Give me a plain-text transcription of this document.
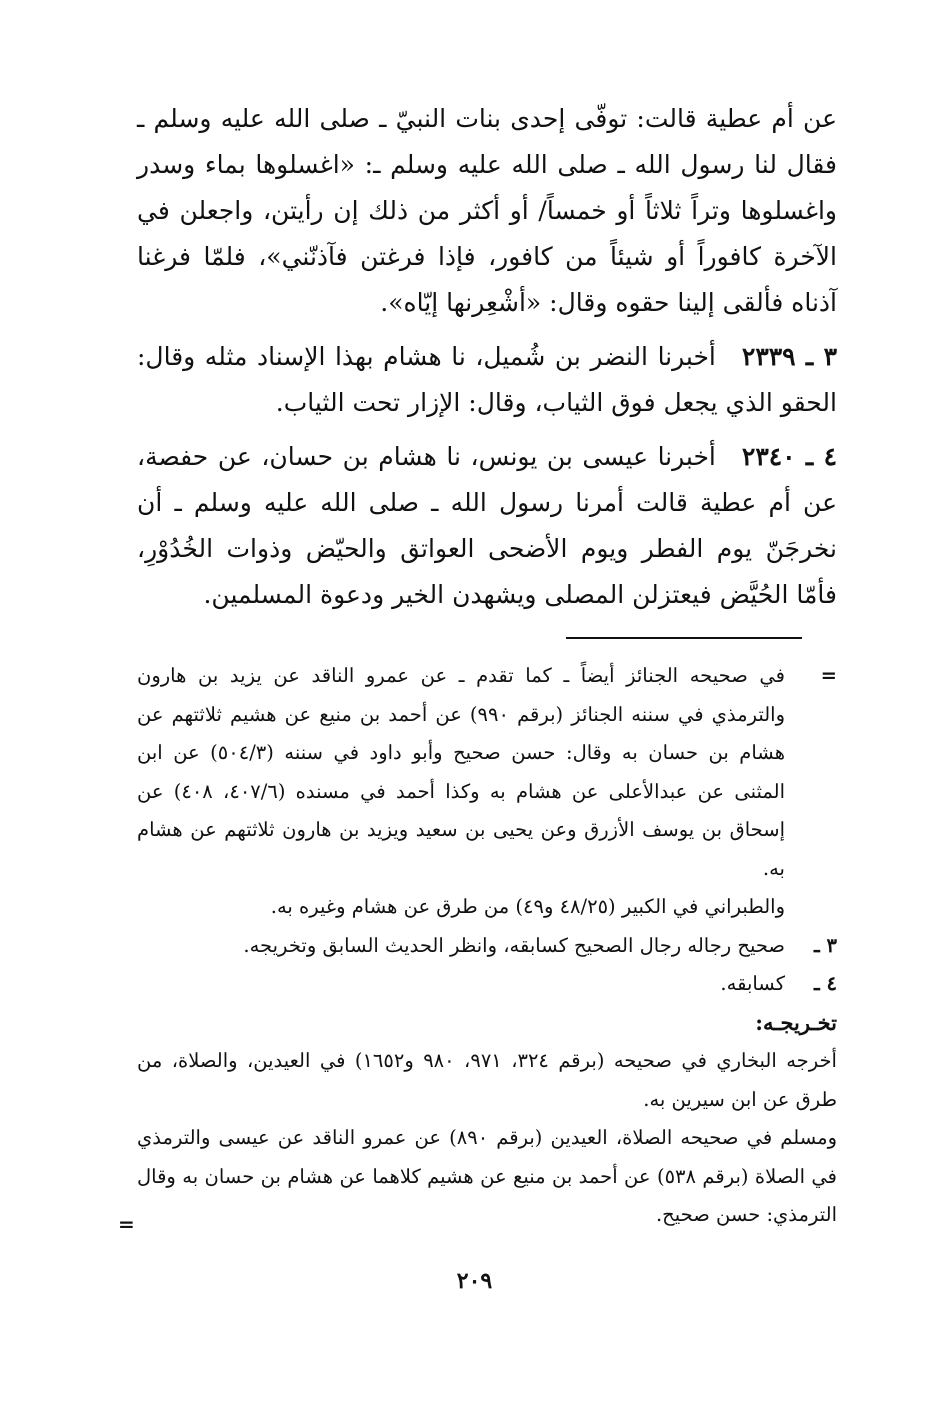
عن أم عطية قالت: توفّى إحدى بنات النبيّ ـ صلى الله عليه وسلم ـ فقال لنا رسول الله ـ صلى الله عليه وسلم ـ: «اغسلوها بماء وسدر واغسلوها وتراً ثلاثاً أو خمساً/ أو أكثر من ذلك إن رأيتن، واجعلن في الآخرة كافوراً أو شيئاً من كافور، فإذا فرغتن فآذنّني»، فلمّا فرغنا آذناه فألقى إلينا حقوه وقال: «أشْعِرنها إيّاه».

٣ ـ ٢٣٣٩أخبرنا النضر بن شُميل، نا هشام بهذا الإسناد مثله وقال: الحقو الذي يجعل فوق الثياب، وقال: الإزار تحت الثياب.

٤ ـ ٢٣٤٠أخبرنا عيسى بن يونس، نا هشام بن حسان، عن حفصة، عن أم عطية قالت أمرنا رسول الله ـ صلى الله عليه وسلم ـ أن نخرجَنّ يوم الفطر ويوم الأضحى العواتق والحيّض وذوات الخُدُوْرِ، فأمّا الحُيَّض فيعتزلن المصلى ويشهدن الخير ودعوة المسلمين.

=
في صحيحه الجنائز أيضاً ـ كما تقدم ـ عن عمرو الناقد عن يزيد بن هارون والترمذي في سننه الجنائز (برقم ٩٩٠) عن أحمد بن منيع عن هشيم ثلاثتهم عن هشام بن حسان به وقال: حسن صحيح وأبو داود في سننه (٥٠٤/٣) عن ابن المثنى عن عبدالأعلى عن هشام به وكذا أحمد في مسنده (٤٠٧/٦، ٤٠٨) عن إسحاق بن يوسف الأزرق وعن يحيى بن سعيد ويزيد بن هارون ثلاثتهم عن هشام به.
والطبراني في الكبير (٤٨/٢٥ و٤٩) من طرق عن هشام وغيره به.
٣ ـ
صحيح رجاله رجال الصحيح كسابقه، وانظر الحديث السابق وتخريجه.
٤ ـ
كسابقه.
تخـريجـه:
أخرجه البخاري في صحيحه (برقم ٣٢٤، ٩٧١، ٩٨٠ و١٦٥٢) في العيدين، والصلاة، من طرق عن ابن سيرين به.
ومسلم في صحيحه الصلاة، العيدين (برقم ٨٩٠) عن عمرو الناقد عن عيسى والترمذي في الصلاة (برقم ٥٣٨) عن أحمد بن منيع عن هشيم كلاهما عن هشام بن حسان به وقال الترمذي: حسن صحيح.
=
٢٠٩
